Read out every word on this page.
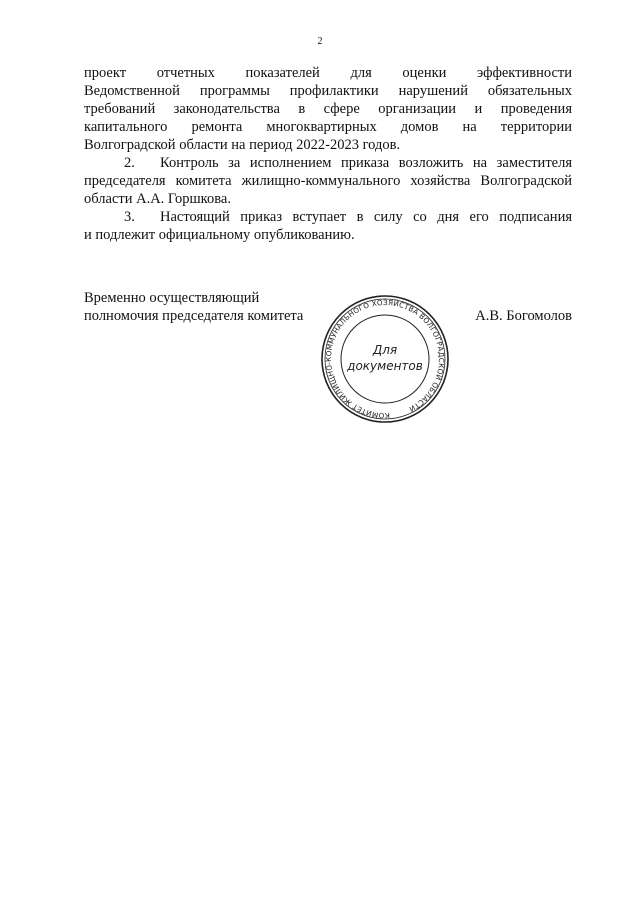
2
проект отчетных показателей для оценки эффективности
Ведомственной программы профилактики нарушений обязательных
требований законодательства в сфере организации и проведения
капитального ремонта многоквартирных домов на территории
Волгоградской области на период 2022-2023 годов.
2. Контроль за исполнением приказа возложить на заместителя
председателя комитета жилищно-коммунального хозяйства Волгоградской
области А.А. Горшкова.
3. Настоящий приказ вступает в силу со дня его подписания
и подлежит официальному опубликованию.
Временно осуществляющий
полномочия председателя комитета	А.В. Богомолов
КОМИТЕТ ЖИЛИЩНО-КОММУНАЛЬНОГО ХОЗЯЙСТВА ВОЛГОГРАДСКОЙ ОБЛАСТИ
Для
документов
